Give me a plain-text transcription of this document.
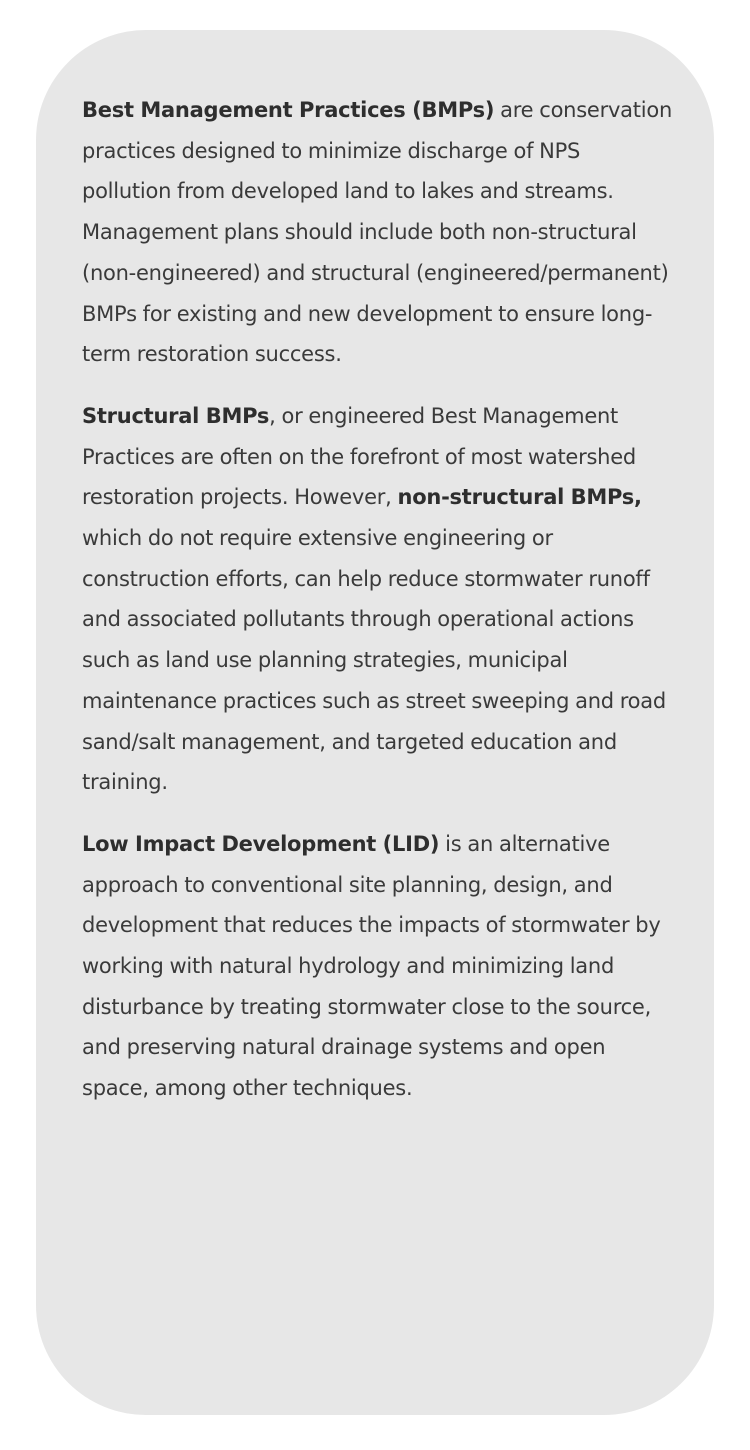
Best Management Practices (BMPs) are conservation practices designed to minimize discharge of NPS pollution from developed land to lakes and streams. Management plans should include both non-structural (non-engineered) and structural (engineered/permanent) BMPs for existing and new development to ensure long-term restoration success.

Structural BMPs, or engineered Best Management Practices are often on the forefront of most watershed restoration projects. However, non-structural BMPs, which do not require extensive engineering or construction efforts, can help reduce stormwater runoff and associated pollutants through operational actions such as land use planning strategies, municipal maintenance practices such as street sweeping and road sand/salt management, and targeted education and training.

Low Impact Development (LID) is an alternative approach to conventional site planning, design, and development that reduces the impacts of stormwater by working with natural hydrology and minimizing land disturbance by treating stormwater close to the source, and preserving natural drainage systems and open space, among other techniques.
